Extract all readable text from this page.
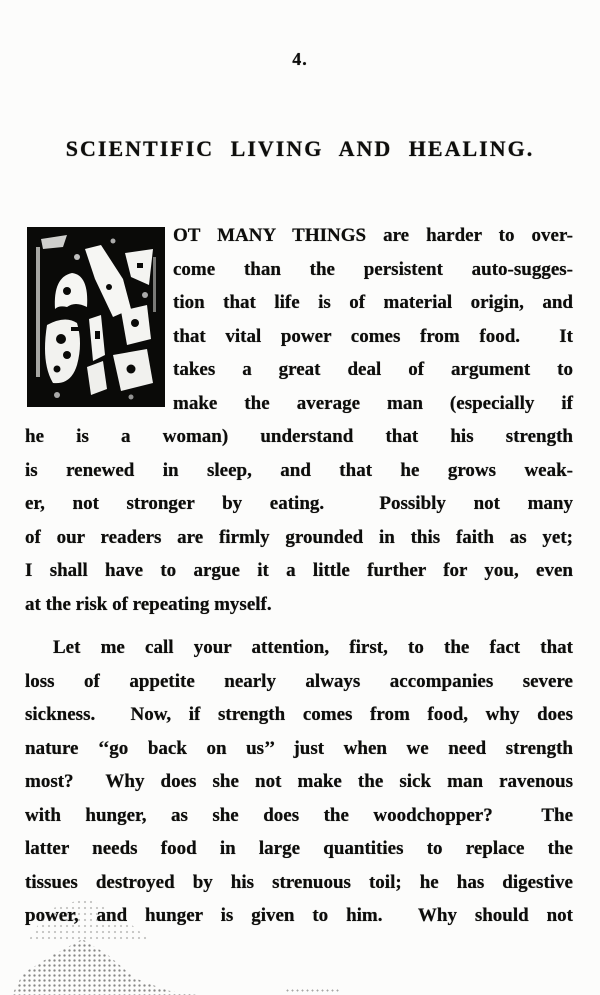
4.
SCIENTIFIC LIVING AND HEALING.

OT MANY THINGS are harder to over-
come than the persistent auto-sugges-
tion that life is of material origin, and
that vital power comes from food.  It
takes a great deal of argument to
make the average man (especially if
he is a woman) understand that his strength
is renewed in sleep, and that he grows weak-
er, not stronger by eating.  Possibly not many
of our readers are firmly grounded in this faith as yet;
I shall have to argue it a little further for you, even
at the risk of repeating myself.

Let me call your attention, first, to the fact that
loss of appetite nearly always accompanies severe
sickness.  Now, if strength comes from food, why does
nature ‘‘go back on us’’ just when we need strength
most?  Why does she not make the sick man ravenous
with hunger, as she does the woodchopper?  The
latter needs food in large quantities to replace the
tissues destroyed by his strenuous toil; he has digestive
power, and hunger is given to him.  Why should not
